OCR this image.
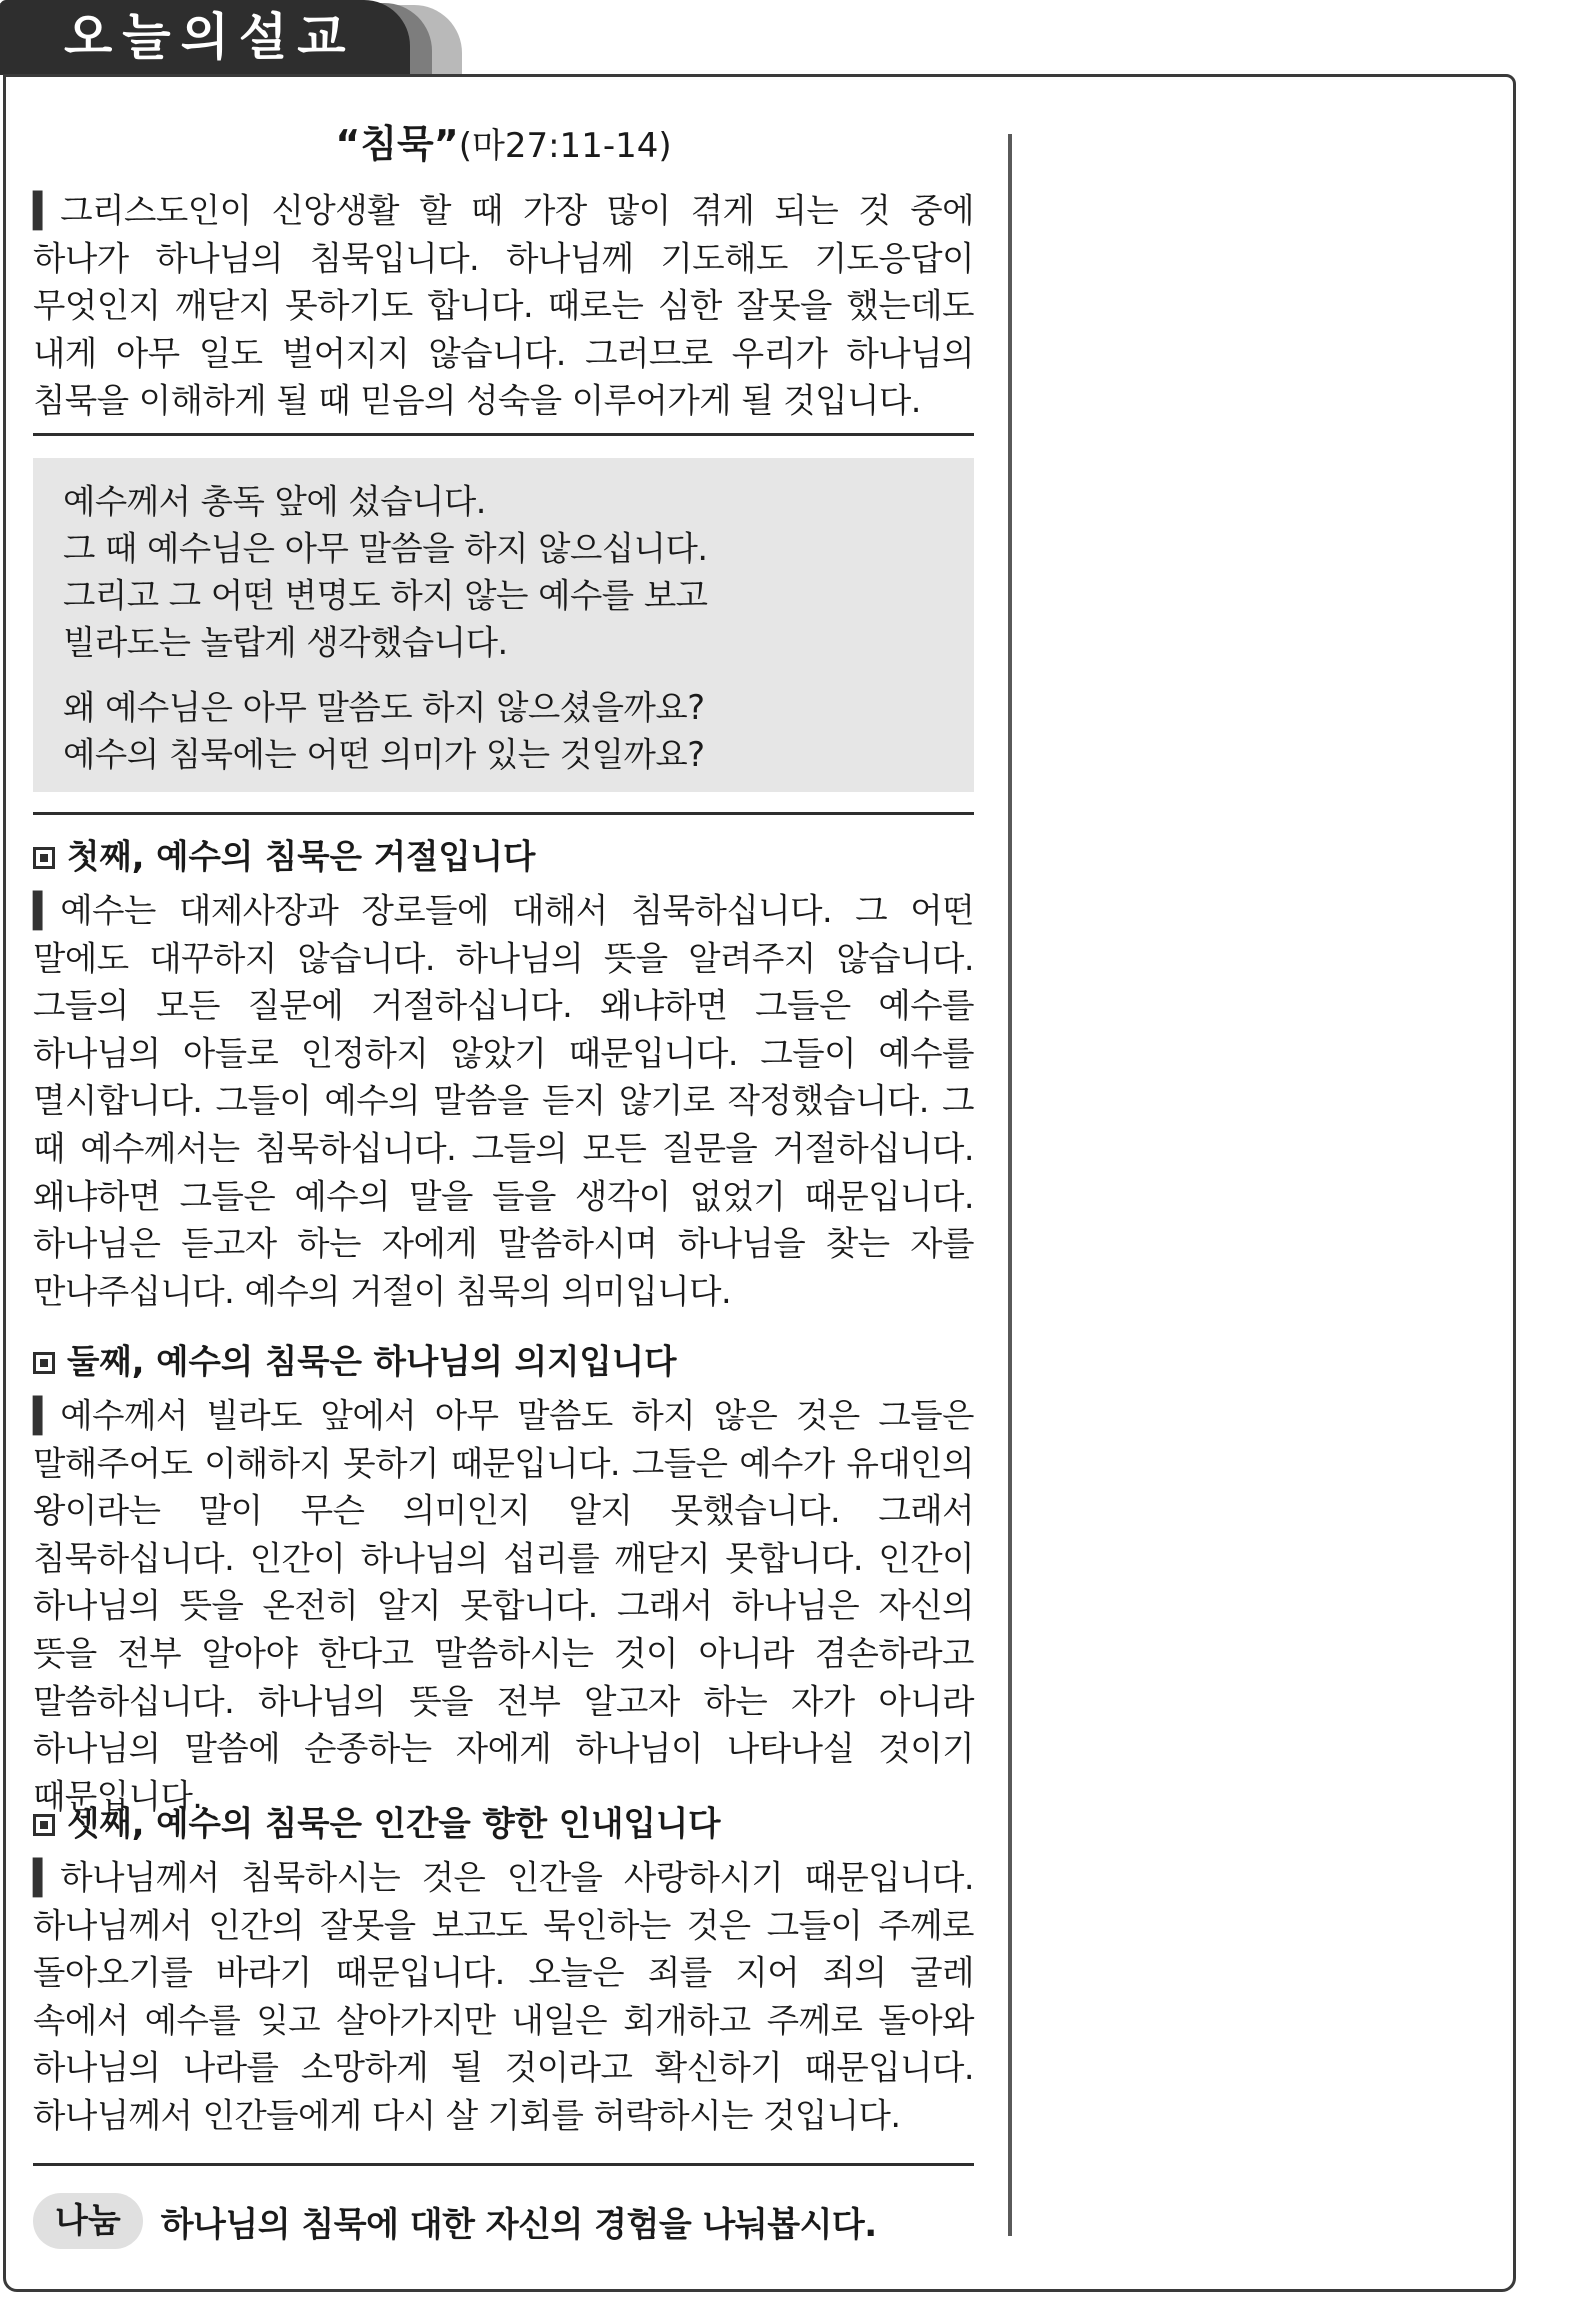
오늘의설교
“침묵”(마27:11-14)

▍그리스도인이 신앙생활 할 때 가장 많이 겪게 되는 것 중에 하나가 하나님의 침묵입니다. 하나님께 기도해도 기도응답이 무엇인지 깨닫지 못하기도 합니다. 때로는 심한 잘못을 했는데도 내게 아무 일도 벌어지지 않습니다. 그러므로 우리가 하나님의 침묵을 이해하게 될 때 믿음의 성숙을 이루어가게 될 것입니다.

예수께서 총독 앞에 섰습니다.

그 때 예수님은 아무 말씀을 하지 않으십니다.

그리고 그 어떤 변명도 하지 않는 예수를 보고

빌라도는 놀랍게 생각했습니다.

왜 예수님은 아무 말씀도 하지 않으셨을까요?

예수의 침묵에는 어떤 의미가 있는 것일까요?

첫째, 예수의 침묵은 거절입니다

▍예수는 대제사장과 장로들에 대해서 침묵하십니다. 그 어떤 말에도 대꾸하지 않습니다. 하나님의 뜻을 알려주지 않습니다. 그들의 모든 질문에 거절하십니다. 왜냐하면 그들은 예수를 하나님의 아들로 인정하지 않았기 때문입니다. 그들이 예수를 멸시합니다. 그들이 예수의 말씀을 듣지 않기로 작정했습니다. 그 때 예수께서는 침묵하십니다. 그들의 모든 질문을 거절하십니다. 왜냐하면 그들은 예수의 말을 들을 생각이 없었기 때문입니다. 하나님은 듣고자 하는 자에게 말씀하시며 하나님을 찾는 자를 만나주십니다. 예수의 거절이 침묵의 의미입니다.

둘째, 예수의 침묵은 하나님의 의지입니다

▍예수께서 빌라도 앞에서 아무 말씀도 하지 않은 것은 그들은 말해주어도 이해하지 못하기 때문입니다. 그들은 예수가 유대인의 왕이라는 말이 무슨 의미인지 알지 못했습니다. 그래서 침묵하십니다. 인간이 하나님의 섭리를 깨닫지 못합니다. 인간이 하나님의 뜻을 온전히 알지 못합니다. 그래서 하나님은 자신의 뜻을 전부 알아야 한다고 말씀하시는 것이 아니라 겸손하라고 말씀하십니다. 하나님의 뜻을 전부 알고자 하는 자가 아니라 하나님의 말씀에 순종하는 자에게 하나님이 나타나실 것이기 때문입니다.

셋째, 예수의 침묵은 인간을 향한 인내입니다

▍하나님께서 침묵하시는 것은 인간을 사랑하시기 때문입니다. 하나님께서 인간의 잘못을 보고도 묵인하는 것은 그들이 주께로 돌아오기를 바라기 때문입니다. 오늘은 죄를 지어 죄의 굴레 속에서 예수를 잊고 살아가지만 내일은 회개하고 주께로 돌아와 하나님의 나라를 소망하게 될 것이라고 확신하기 때문입니다. 하나님께서 인간들에게 다시 살 기회를 허락하시는 것입니다.

나눔	하나님의 침묵에 대한 자신의 경험을 나눠봅시다.
